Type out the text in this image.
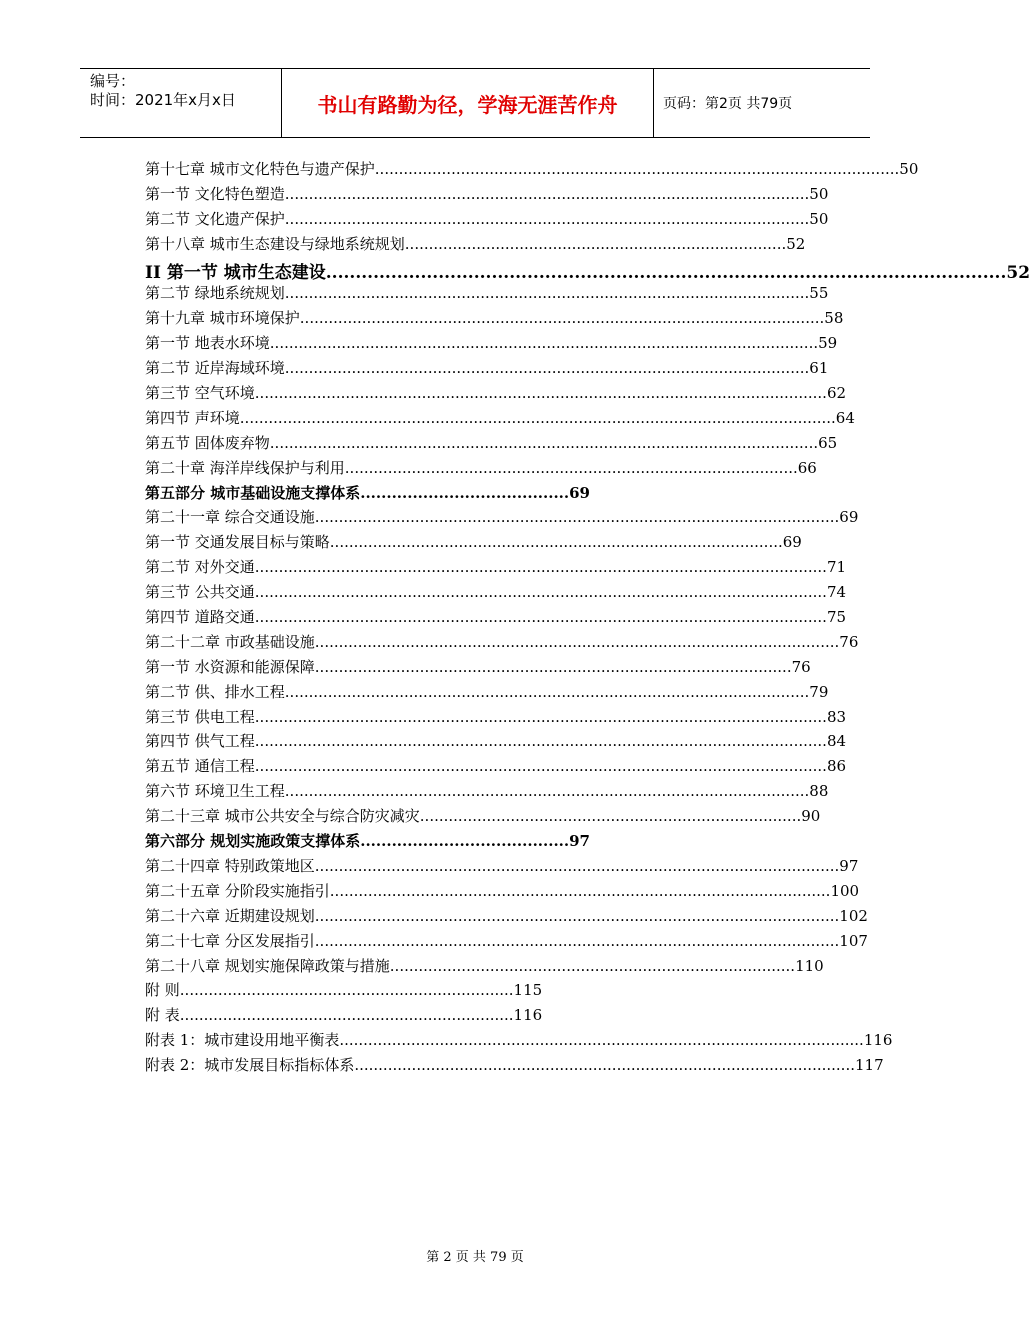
编号：
时间：2021年x月x日	书山有路勤为径，学海无涯苦作舟	页码：第2页 共79页
第十七章 城市文化特色与遗产保护 .............................................................................................................. 50
第一节 文化特色塑造 .............................................................................................................. 50
第二节 文化遗产保护 .............................................................................................................. 50
第十八章 城市生态建设与绿地系统规划 ................................................................................ 52
II 第一节 城市生态建设 ................................................................................................................... 52
第二节 绿地系统规划 .............................................................................................................. 55
第十九章 城市环境保护 .............................................................................................................. 58
第一节 地表水环境 ................................................................................................................... 59
第二节 近岸海域环境 .............................................................................................................. 61
第三节 空气环境 ........................................................................................................................ 62
第四节 声环境 ............................................................................................................................. 64
第五节 固体废弃物 ................................................................................................................... 65
第二十章 海洋岸线保护与利用 ............................................................................................... 66
第五部分 城市基础设施支撑体系 ........................................ 69
第二十一章 综合交通设施 .............................................................................................................. 69
第一节 交通发展目标与策略 ............................................................................................... 69
第二节 对外交通 ........................................................................................................................ 71
第三节 公共交通 ........................................................................................................................ 74
第四节 道路交通 ........................................................................................................................ 75
第二十二章 市政基础设施 .............................................................................................................. 76
第一节 水资源和能源保障 .................................................................................................... 76
第二节 供、排水工程 .............................................................................................................. 79
第三节 供电工程 ........................................................................................................................ 83
第四节 供气工程 ........................................................................................................................ 84
第五节 通信工程 ........................................................................................................................ 86
第六节 环境卫生工程 .............................................................................................................. 88
第二十三章 城市公共安全与综合防灾减灾 ................................................................................ 90
第六部分 规划实施政策支撑体系 ........................................ 97
第二十四章 特别政策地区 .............................................................................................................. 97
第二十五章 分阶段实施指引 ......................................................................................................... 100
第二十六章 近期建设规划 .............................................................................................................. 102
第二十七章 分区发展指引 .............................................................................................................. 107
第二十八章 规划实施保障政策与措施 ..................................................................................... 110
附 则 ...................................................................... 115
附 表 ...................................................................... 116
附表 1：城市建设用地平衡表 .............................................................................................................. 116
附表 2：城市发展目标指标体系 ......................................................................................................... 117
第 2 页 共 79 页
